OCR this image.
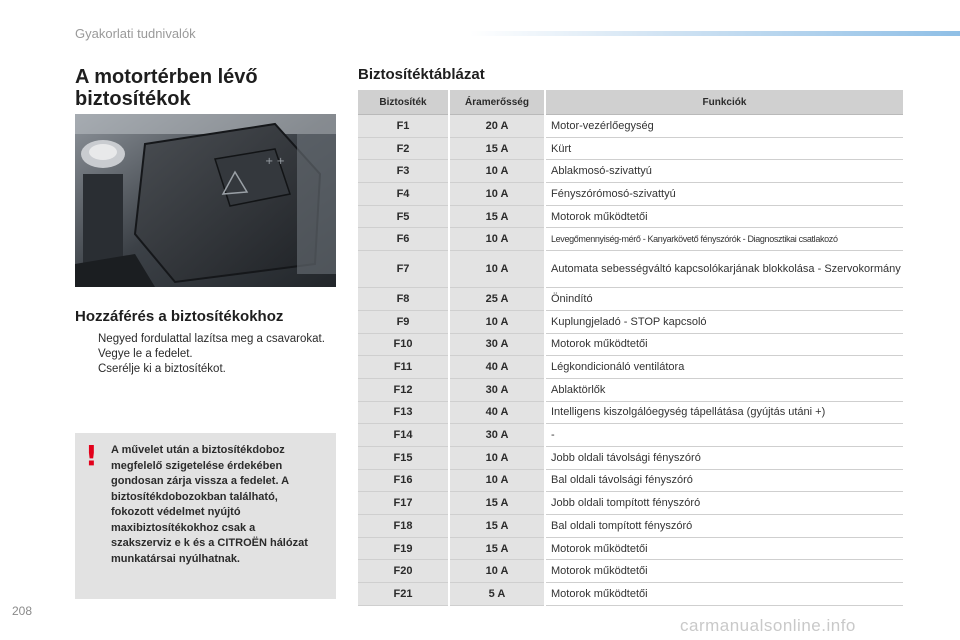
Gyakorlati tudnivalók
A motortérben lévő biztosítékok
+ +
Hozzáférés a biztosítékokhoz
Negyed fordulattal lazítsa meg a csavarokat.
Vegye le a fedelet.
Cserélje ki a biztosítékot.
! A művelet után a biztosítékdoboz megfelelő szigetelése érdekében gondosan zárja vissza a fedelet. A biztosítékdobozokban található, fokozott védelmet nyújtó maxibiztosítékokhoz csak a szakszerviz e k és a CITROËN hálózat munkatársai nyúlhatnak.
Biztosítéktáblázat
Biztosíték	Áramerősség	Funkciók
F1	20 A	Motor-vezérlőegység
F2	15 A	Kürt
F3	10 A	Ablakmosó-szivattyú
F4	10 A	Fényszórómosó-szivattyú
F5	15 A	Motorok működtetői
F6	10 A	Levegőmennyiség-mérő - Kanyarkövető fényszórók - Diagnosztikai csatlakozó
F7	10 A	Automata sebességváltó kapcsolókarjának blokkolása - Szervokormány
F8	25 A	Önindító
F9	10 A	Kuplungjeladó - STOP kapcsoló
F10	30 A	Motorok működtetői
F11	40 A	Légkondicionáló ventilátora
F12	30 A	Ablaktörlők
F13	40 A	Intelligens kiszolgálóegység tápellátása (gyújtás utáni +)
F14	30 A	-
F15	10 A	Jobb oldali távolsági fényszóró
F16	10 A	Bal oldali távolsági fényszóró
F17	15 A	Jobb oldali tompított fényszóró
F18	15 A	Bal oldali tompított fényszóró
F19	15 A	Motorok működtetői
F20	10 A	Motorok működtetői
F21	5 A	Motorok működtetői
208
carmanualsonline.info
